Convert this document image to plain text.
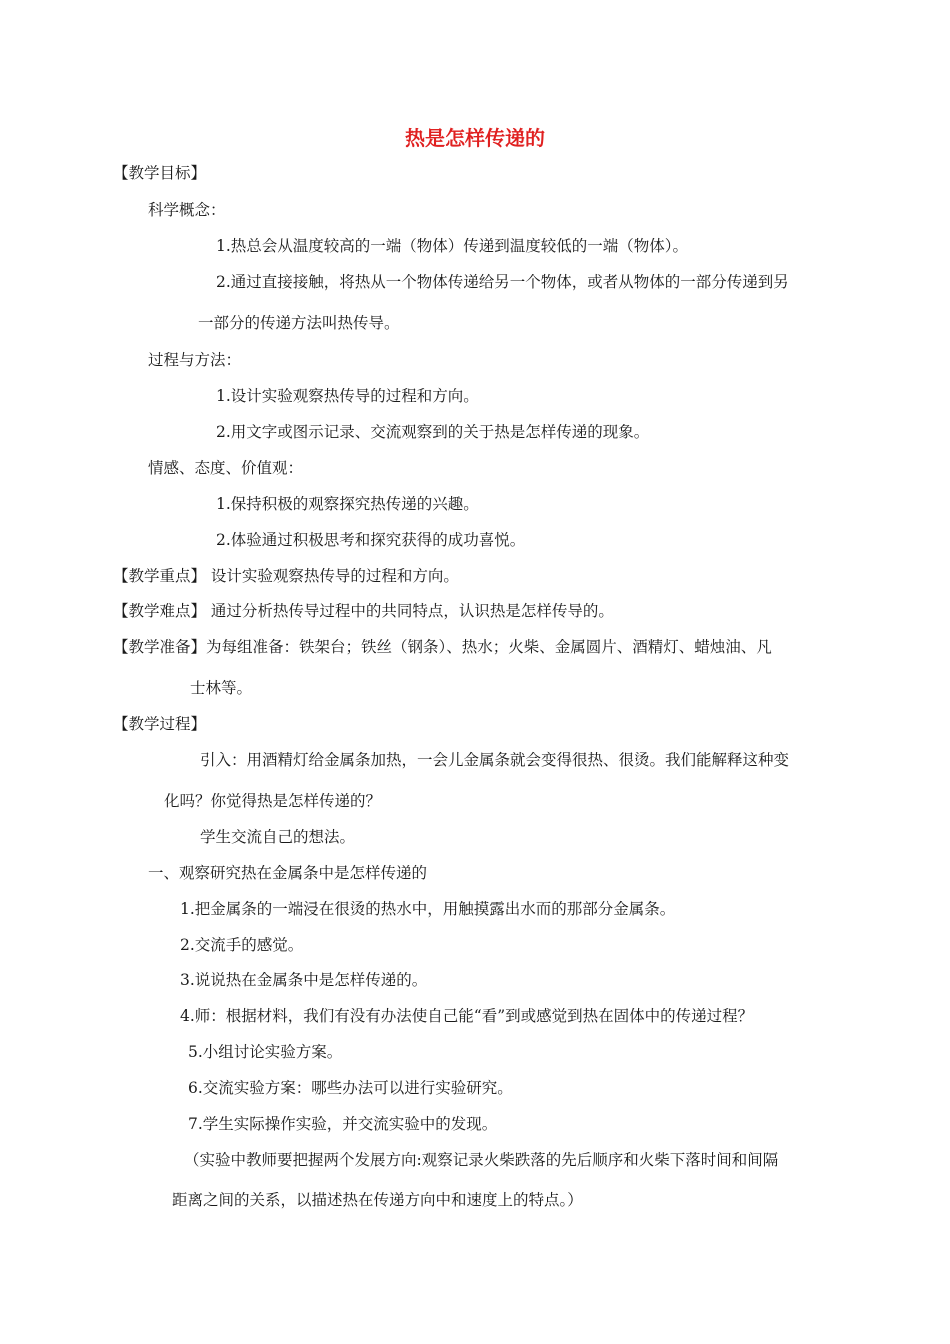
热是怎样传递的
【教学目标】
科学概念：
1.热总会从温度较高的一端（物体）传递到温度较低的一端（物体）。
2.通过直接接触，将热从一个物体传递给另一个物体，或者从物体的一部分传递到另
一部分的传递方法叫热传导。
过程与方法：
1.设计实验观察热传导的过程和方向。
2.用文字或图示记录、交流观察到的关于热是怎样传递的现象。
情感、态度、价值观：
1.保持积极的观察探究热传递的兴趣。
2.体验通过积极思考和探究获得的成功喜悦。
【教学重点】 设计实验观察热传导的过程和方向。
【教学难点】 通过分析热传导过程中的共同特点，认识热是怎样传导的。
【教学准备】为每组准备：铁架台；铁丝（钢条）、热水；火柴、金属圆片、酒精灯、蜡烛油、凡
士林等。
【教学过程】
引入：用酒精灯给金属条加热，一会儿金属条就会变得很热、很烫。我们能解释这种变
化吗？你觉得热是怎样传递的？
学生交流自己的想法。
一、观察研究热在金属条中是怎样传递的
1.把金属条的一端浸在很烫的热水中，用触摸露出水而的那部分金属条。
2.交流手的感觉。
3.说说热在金属条中是怎样传递的。
4.师：根据材料，我们有没有办法使自己能“看”到或感觉到热在固体中的传递过程？
5.小组讨论实验方案。
6.交流实验方案：哪些办法可以进行实验研究。
7.学生实际操作实验，并交流实验中的发现。
（实验中教师要把握两个发展方向:观察记录火柴跌落的先后顺序和火柴下落时间和间隔
距离之间的关系，以描述热在传递方向中和速度上的特点。）
